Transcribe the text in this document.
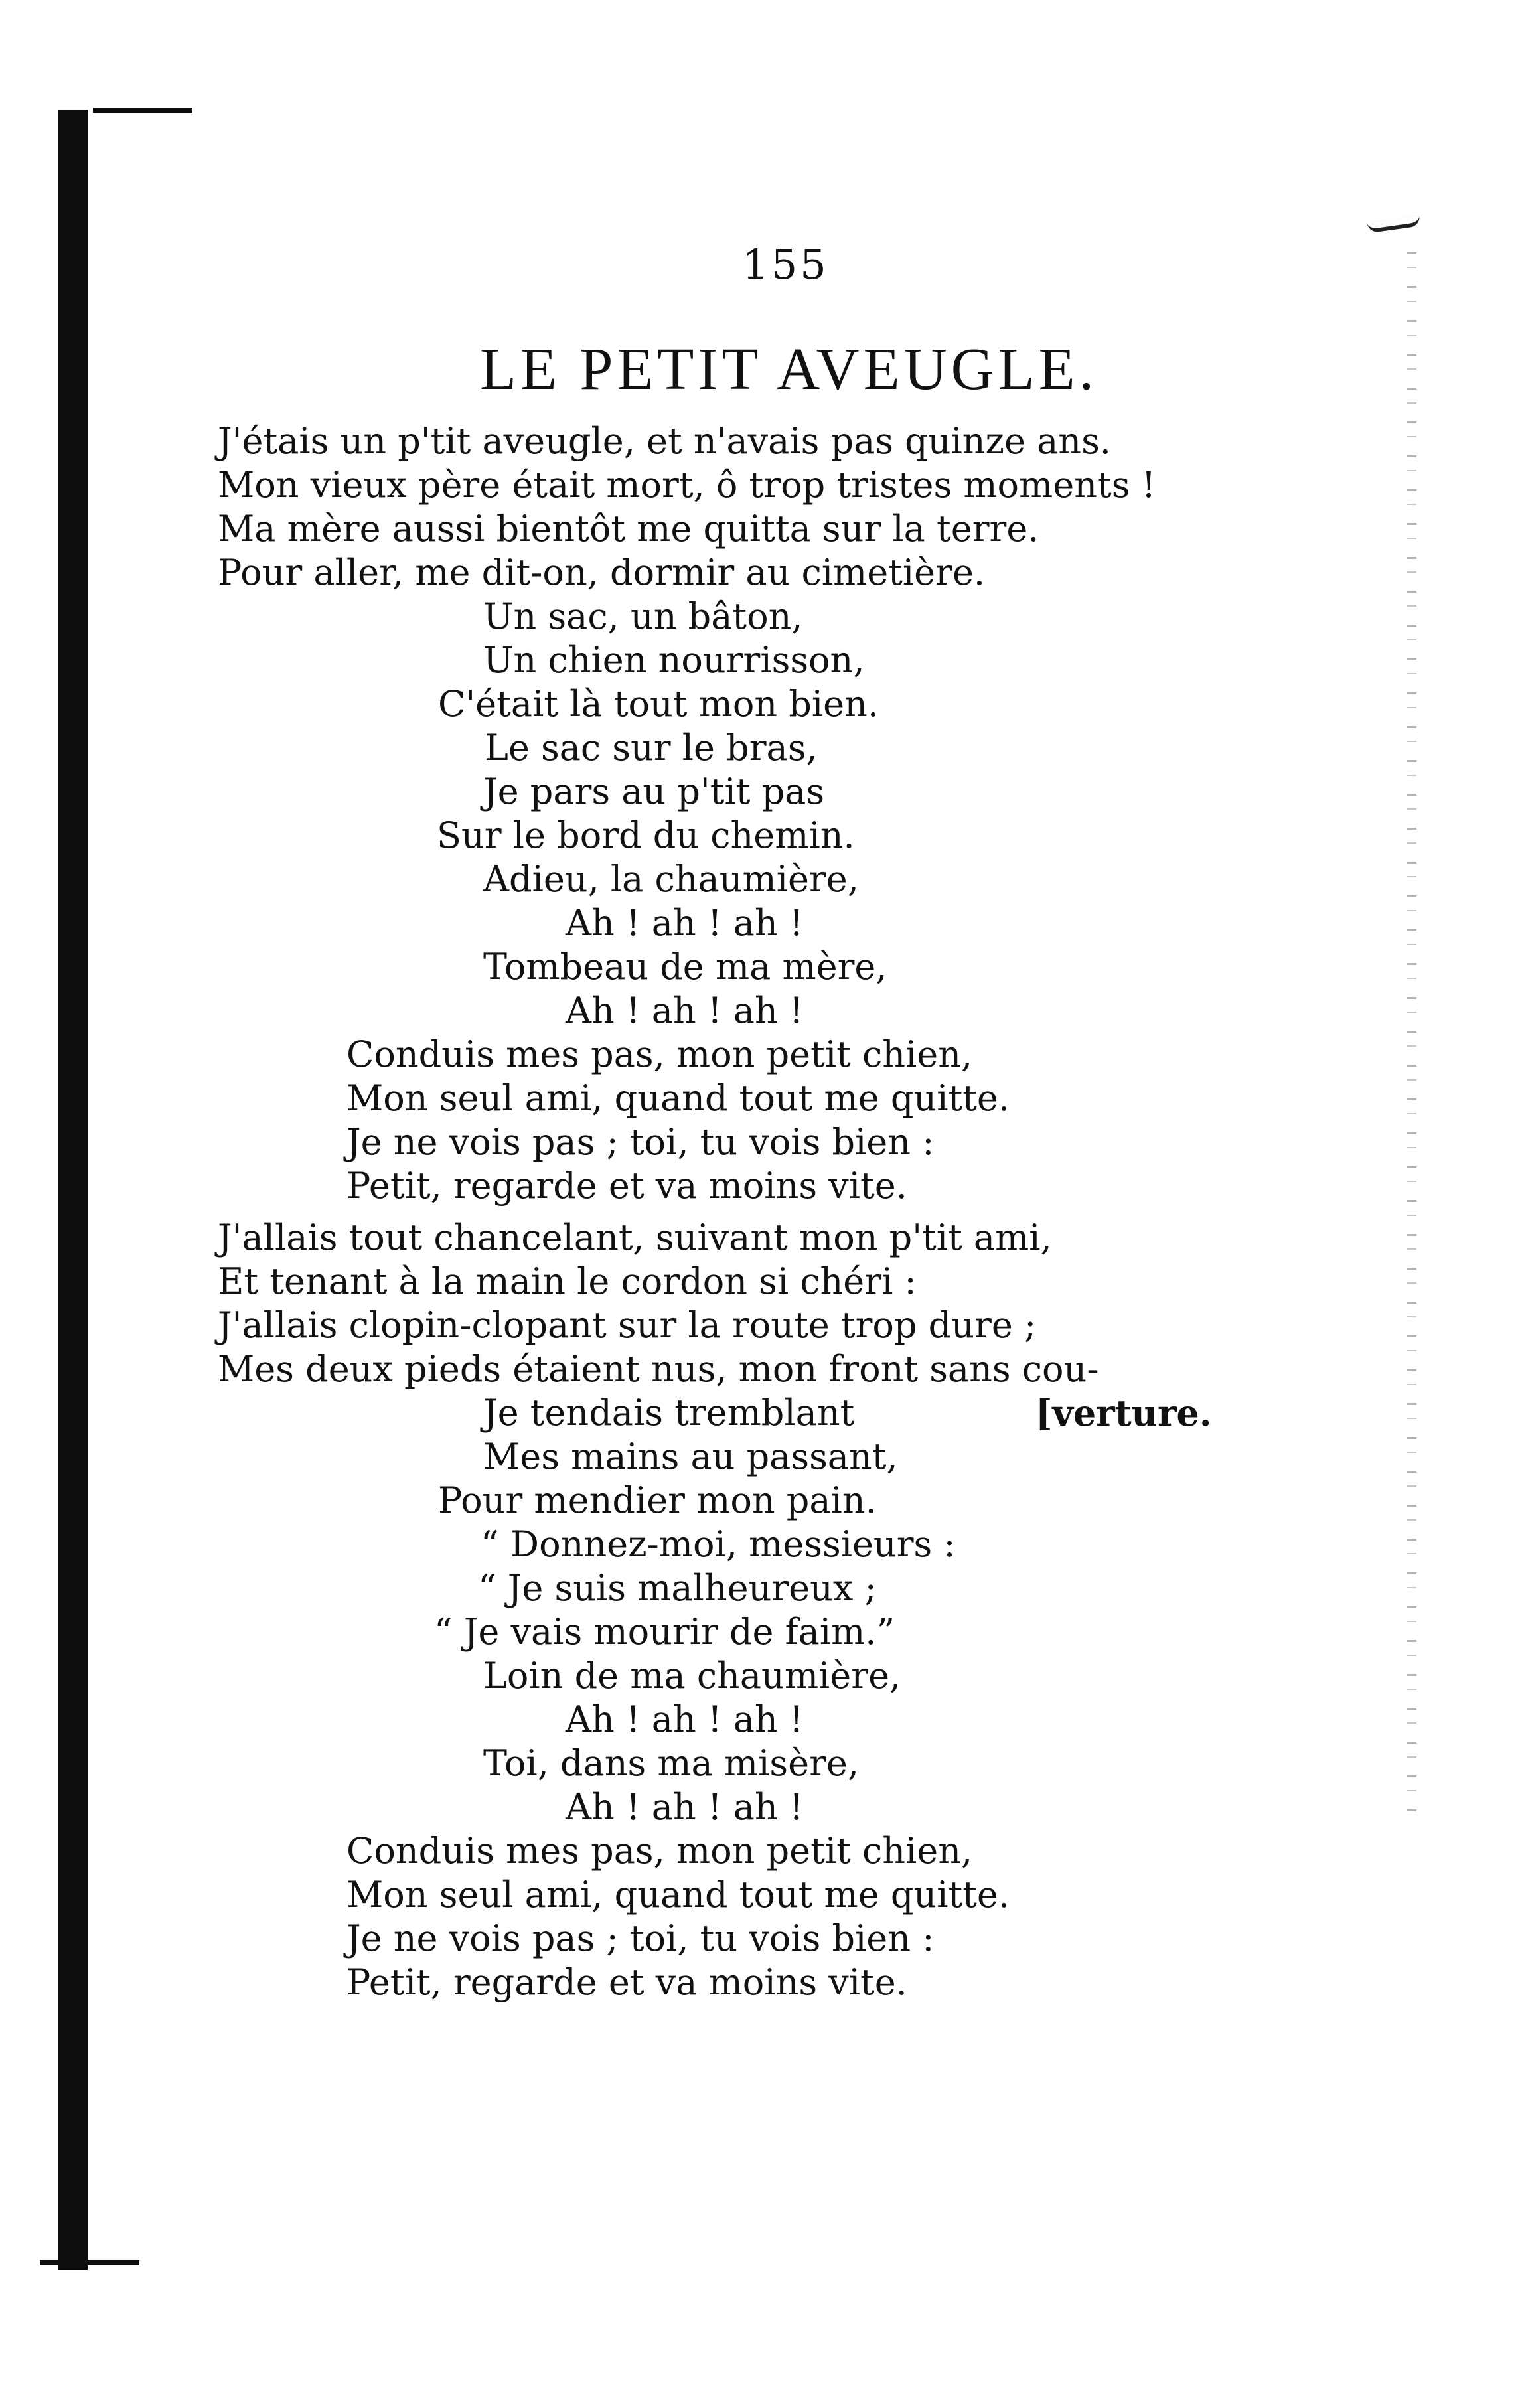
155
LE PETIT AVEUGLE.
J'étais un p'tit aveugle, et n'avais pas quinze ans.
Mon vieux père était mort, ô trop tristes moments !
Ma mère aussi bientôt me quitta sur la terre.
Pour aller, me dit-on, dormir au cimetière.
Un sac, un bâton,
Un chien nourrisson,
C'était là tout mon bien.
Le sac sur le bras,
Je pars au p'tit pas
Sur le bord du chemin.
Adieu, la chaumière,
Ah ! ah ! ah !
Tombeau de ma mère,
Ah ! ah ! ah !
Conduis mes pas, mon petit chien,
Mon seul ami, quand tout me quitte.
Je ne vois pas ; toi, tu vois bien :
Petit, regarde et va moins vite.
J'allais tout chancelant, suivant mon p'tit ami,
Et tenant à la main le cordon si chéri :
J'allais clopin-clopant sur la route trop dure ;
Mes deux pieds étaient nus, mon front sans cou-
Je tendais tremblant	[verture.
Mes mains au passant,
Pour mendier mon pain.
“ Donnez-moi, messieurs :
“ Je suis malheureux ;
“ Je vais mourir de faim.”
Loin de ma chaumière,
Ah ! ah ! ah !
Toi, dans ma misère,
Ah ! ah ! ah !
Conduis mes pas, mon petit chien,
Mon seul ami, quand tout me quitte.
Je ne vois pas ; toi, tu vois bien :
Petit, regarde et va moins vite.
